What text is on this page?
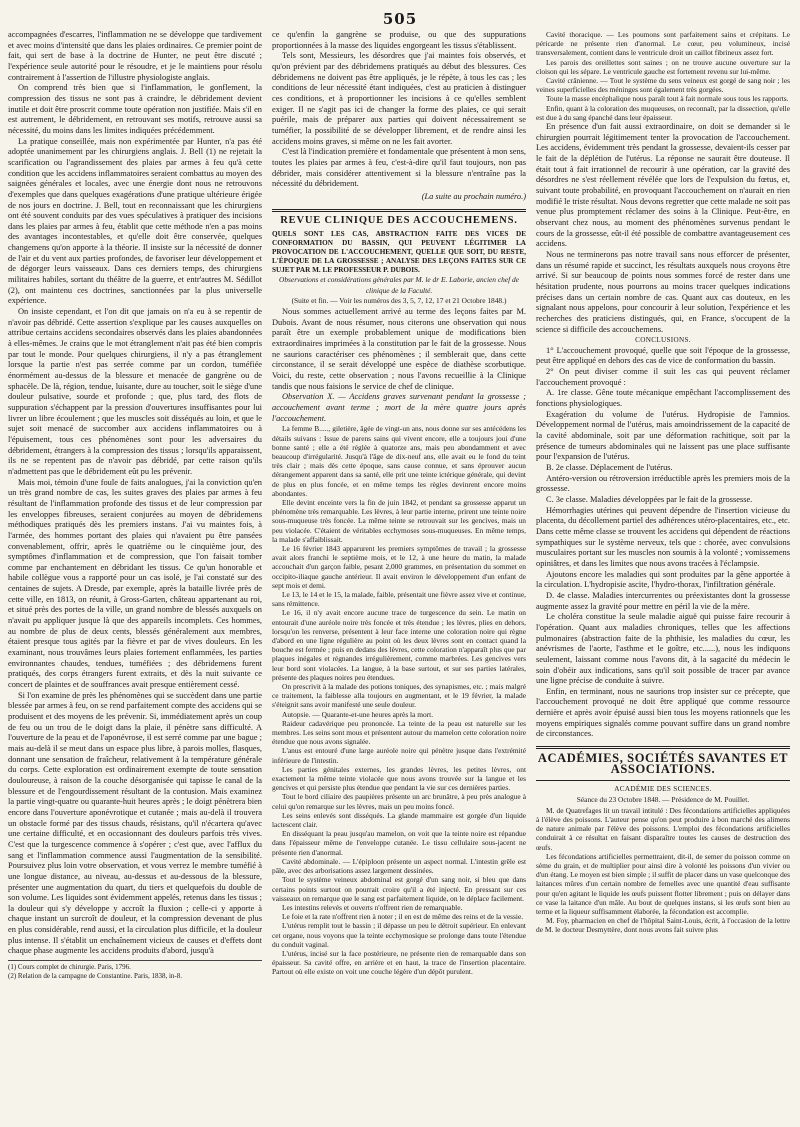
505

accompagnées d'escarres, l'inflammation ne se développe que tardivement et avec moins d'intensité que dans les plaies ordinaires. Ce premier point de fait, qui sert de base à la doctrine de Hunter, ne peut être discuté ; l'expérience seule autorité pour le résoudre, et je le maintiens pour résolu contrairement à l'assertion de l'illustre physiologiste anglais.

On comprend très bien que si l'inflammation, le gonflement, la compression des tissus ne sont pas à craindre, le débridement devient inutile et doit être proscrit comme toute opération non justifiée. Mais s'il en est autrement, le débridement, en retrouvant ses motifs, retrouve aussi sa nécessité, du moins dans les limites indiquées précédemment.

La pratique conseillée, mais non expérimentée par Hunter, n'a pas été adoptée unanimement par les chirurgiens anglais. J. Bell (1) ne rejetait la scarification ou l'agrandissement des plaies par armes à feu qu'à cette condition que les accidens inflammatoires seraient combattus au moyen des saignées générales et locales, avec une énergie dont nous ne retrouvons d'exemples que dans quelques exagérations d'une pratique ultérieure érigée de nos jours en doctrine. J. Bell, tout en reconnaissant que les chirurgiens ont été souvent conduits par des vues spéculatives à pratiquer des incisions dans les plaies par armes à feu, établit que cette méthode n'en a pas moins des avantages incontestables, et qu'elle doit être conservée, quelques changemens qu'on apporte à la théorie. Il insiste sur la nécessité de donner de l'air et du vent aux parties profondes, de favoriser leur développement et de dégorger leurs vaisseaux. Dans ces derniers temps, des chirurgiens militaires habiles, sortant du théâtre de la guerre, et entr'autres M. Sédillot (2), ont maintenu ces doctrines, sanctionnées par la plus universelle expérience.

On insiste cependant, et l'on dit que jamais on n'a eu à se repentir de n'avoir pas débridé. Cette assertion s'explique par les causes auxquelles on attribue certains accidens secondaires observés dans les plaies abandonnées à elles-mêmes. Je crains que le mot étranglement n'ait pas été bien compris par tout le monde. Pour quelques chirurgiens, il n'y a pas étranglement lorsque la partie n'est pas serrée comme par un cordon, tuméfiée énormément au-dessus de la blessure et menacée de gangrène ou de sphacèle. De là, région, tendue, luisante, dure au toucher, soit le siège d'une douleur pulsative, sourde et profonde ; que, plus tard, des flots de suppuration s'échappent par la pression d'ouvertures insuffisantes pour lui livrer un libre écoulement ; que les muscles soit disséqués au loin, et que le sujet soit menacé de succomber aux accidens inflammatoires ou à l'épuisement, tous ces phénomènes sont pour les adversaires du débridement, étrangers à la compression des tissus ; lorsqu'ils apparaissent, ils ne se repentent pas de n'avoir pas débridé, par cette raison qu'ils n'admettent pas que le débridement eût pu les prévenir.

Mais moi, témoin d'une foule de faits analogues, j'ai la conviction qu'en un très grand nombre de cas, les suites graves des plaies par armes à feu résultant de l'inflammation profonde des tissus et de leur compression par les enveloppes fibreuses, seraient conjurées au moyen de débridemens méthodiques pratiqués dès les premiers instans. J'ai vu maintes fois, à l'armée, des hommes portant des plaies qui n'avaient pu être pansées convenablement, offrir, après le quatrième ou le cinquième jour, des symptômes d'inflammation et de compression, que l'on faisait tomber comme par enchantement en débridant les tissus. Ce qu'un honorable et habile collègue vous a rapporté pour un cas isolé, je l'ai constaté sur des centaines de sujets. A Dresde, par exemple, après la bataille livrée près de cette ville, en 1813, on réunit, à Gross-Garten, château appartenant au roi, et situé près des portes de la ville, un grand nombre de blessés auxquels on n'avait pu appliquer jusque là que des appareils incomplets. Ces hommes, au nombre de plus de deux cents, blessés généralement aux membres, étaient presque tous agités par la fièvre et par de vives douleurs. En les examinant, nous trouvâmes leurs plaies fortement enflammées, les parties environnantes chaudes, tendues, tuméfiées ; des débridemens furent pratiqués, des corps étrangers furent extraits, et dès la nuit suivante ce concert de plaintes et de souffrances avait presque entièrement cessé.

Si l'on examine de près les phénomènes qui se succèdent dans une partie blessée par armes à feu, on se rend parfaitement compte des accidens qui se produisent et des moyens de les prévenir. Si, immédiatement après un coup de feu ou un trou de le doigt dans la plaie, il pénètre sans difficulté. A l'ouverture de la peau et de l'aponévrose, il est serré comme par une bague ; mais au-delà il se meut dans un espace plus libre, à parois molles, flasques, donnant une sensation de fraîcheur, relativement à la température générale du corps. Cette exploration est ordinairement exempte de toute sensation douloureuse, à raison de la couche désorganisée qui tapisse le canal de la blessure et de l'engourdissement résultant de la contusion. Mais examinez la partie vingt-quatre ou quarante-huit heures après ; le doigt pénètrera bien encore dans l'ouverture aponévrotique et cutanée ; mais au-delà il trouvera un obstacle formé par des tissus chauds, résistans, qu'il n'écartera qu'avec une certaine difficulté, et en occasionnant des douleurs parfois très vives. C'est que la turgescence commence à s'opérer ; c'est que, avec l'afflux du sang et l'inflammation commence aussi l'augmentation de la sensibilité. Poursuivez plus loin votre observation, et vous verrez le membre tuméfié à une longue distance, au niveau, au-dessus et au-dessous de la blessure, présenter une augmentation du quart, du tiers et quelquefois du double de son volume. Les liquides sont évidemment appelés, retenus dans les tissus ; la douleur qui s'y développe y accroît la fluxion ; celle-ci y apporte à chaque instant un surcroît de douleur, et la compression devenant de plus en plus considérable, rend aussi, et la circulation plus difficile, et la douleur plus intense. Il s'établit un enchaînement vicieux de causes et d'effets dont chaque phase augmente les accidens produits d'abord, jusqu'à

(1) Cours complet de chirurgie. Paris, 1796.
(2) Relation de la campagne de Constantine. Paris, 1838, in-8.

ce qu'enfin la gangrène se produise, ou que des suppurations proportionnées à la masse des liquides engorgeant les tissus s'établissent.

Tels sont, Messieurs, les désordres que j'ai maintes fois observés, et qu'on prévient par des débridemens pratiqués au début des blessures. Ces débridemens ne doivent pas être appliqués, je le répète, à tous les cas ; les conditions de leur nécessité étant indiquées, c'est au praticien à distinguer ces conditions, et à proportionner les incisions à ce qu'elles semblent exiger. Il ne s'agit pas ici de changer la forme des plaies, ce qui serait puérile, mais de préparer aux parties qui doivent nécessairement se tuméfier, la possibilité de se développer librement, et de rendre ainsi les accidens moins graves, si même on ne les fait avorter.

C'est là l'indication première et fondamentale que présentent à mon sens, toutes les plaies par armes à feu, c'est-à-dire qu'il faut toujours, non pas débrider, mais considérer attentivement si la blessure n'entraîne pas la nécessité du débridement.

(La suite au prochain numéro.)
REVUE CLINIQUE DES ACCOUCHEMENS.

QUELS SONT LES CAS, ABSTRACTION FAITE DES VICES DE CONFORMATION DU BASSIN, QUI PEUVENT LÉGITIMER LA PROVOCATION DE L'ACCOUCHEMENT, QUELLE QUE SOIT, DU RESTE, L'ÉPOQUE DE LA GROSSESSE ; ANALYSE DES LEÇONS FAITES SUR CE SUJET PAR M. LE PROFESSEUR P. DUBOIS.

Observations et considérations générales par M. le dr E. Laborie, ancien chef de clinique de la Faculté.

(Suite et fin. — Voir les numéros des 3, 5, 7, 12, 17 et 21 Octobre 1848.)

Nous sommes actuellement arrivé au terme des leçons faites par M. Dubois. Avant de nous résumer, nous citerons une observation qui nous paraît être un exemple probablement unique de modifications bien extraordinaires imprimées à la constitution par le fait de la grossesse. Nous ne saurions caractériser ces phénomènes ; il semblerait que, dans cette circonstance, il se serait développé une espèce de diathèse scorbutique. Voici, du reste, cette observation ; nous l'avons recueillie à la Clinique tandis que nous faisions le service de chef de clinique.

Observation X. — Accidens graves survenant pendant la grossesse ; accouchement avant terme ; mort de la mère quatre jours après l'accouchement.

La femme B....., giletière, âgée de vingt-un ans, nous donne sur ses antécédens les détails suivans : Issue de parens sains qui vivent encore, elle a toujours joui d'une bonne santé ; elle a été réglée à quatorze ans, mais peu abondamment et avec beaucoup d'irrégularité. Jusqu'à l'âge de dix-neuf ans, elle avait eu le fond du teint très clair ; mais dès cette époque, sans cause connue, et sans éprouver aucun dérangement apparent dans sa santé, elle prit une teinte ictérique générale, qui devint de plus en plus foncée, et en même temps les règles devinrent encore moins abondantes.

Elle devint enceinte vers la fin de juin 1842, et pendant sa grossesse apparut un phénomène très remarquable. Les lèvres, à leur partie interne, prirent une teinte noire sous-muqueuse très foncée. La même teinte se retrouvait sur les gencives, mais un peu violacée. C'étaient de véritables ecchymoses sous-muqueuses. En même temps, la malade s'affaiblissait.

Le 16 février 1843 apparurent les premiers symptômes de travail ; la grossesse avait alors franchi le septième mois, et le 12, à une heure du matin, la malade accouchait d'un garçon faible, pesant 2,000 grammes, en présentation du sommet en occipito-iliaque gauche antérieur. Il avait environ le développement d'un enfant de sept mois et demi.

Le 13, le 14 et le 15, la malade, faible, présentait une fièvre assez vive et continue, sans rémittence.

Le 16, il n'y avait encore aucune trace de turgescence du sein. Le matin on entourait d'une auréole noire très foncée et très étendue ; les lèvres, plies en dehors, lorsqu'on les renverse, présentent à leur face interne une coloration noire qui règne d'abord en une ligne régulière au point où les deux lèvres sont en contact quand la bouche est fermée ; puis en dedans des lèvres, cette coloration n'apparaît plus que par plaques inégales et régnandes irrégulièrement, comme marbrées. Les gencives vers leur bord sont violacées. La langue, à la base surtout, et sur ses parties latérales, présente des plaques noires peu étendues.

On prescrivit à la malade des potions toniques, des synapismes, etc. ; mais malgré ce traitement, la faiblesse alla toujours en augmentant, et le 19 février, la malade s'éteignit sans avoir manifesté une seule douleur.

Autopsie. — Quarante-et-une heures après la mort.

Raideur cadavérique peu prononcée. La teinte de la peau est naturelle sur les membres. Les seins sont mous et présentent autour du mamelon cette coloration noire étendue que nous avons signalée.

L'anus est entouré d'une large auréole noire qui pénètre jusque dans l'extrémité inférieure de l'intestin.

Les parties génitales externes, les grandes lèvres, les petites lèvres, ont exactement la même teinte violacée que nous avons trouvée sur la langue et les gencives et qui persiste plus étendue que pendant la vie sur ces dernières parties.

Tout le bord ciliaire des paupières présente un arc brunâtre, à peu près analogue à celui qu'on remarque sur les lèvres, mais un peu moins foncé.

Les seins enlevés sont disséqués. La glande mammaire est gorgée d'un liquide lactescent clair.

En disséquant la peau jusqu'au mamelon, on voit que la teinte noire est répandue dans l'épaisseur même de l'enveloppe cutanée. Le tissu cellulaire sous-jacent ne présente rien d'anormal.

Cavité abdominale. — L'épiploon présente un aspect normal. L'intestin grêle est pâle, avec des arborisations assez largement dessinées.

Tout le système veineux abdominal est gorgé d'un sang noir, si bleu que dans certains points surtout on pourrait croire qu'il a été injecté. En pressant sur ces vaisseaux on remarque que le sang est parfaitement liquide, on le déplace facilement.

Les intestins relevés et ouverts n'offrent rien de remarquable.

Le foie et la rate n'offrent rien à noter ; il en est de même des reins et de la vessie.

L'utérus remplit tout le bassin ; il dépasse un peu le détroit supérieur. En enlevant cet organe, nous voyons que la teinte ecchymosique se prolonge dans toute l'étendue du conduit vaginal.

L'utérus, incisé sur la face postérieure, ne présente rien de remarquable dans son épaisseur. Sa cavité offre, en arrière et en haut, la trace de l'insertion placentaire. Partout où elle existe on voit une couche légère d'un dépôt purulent.

Cavité thoracique. — Les poumons sont parfaitement sains et crépitans. Le péricarde ne présente rien d'anormal. Le cœur, peu volumineux, incisé transversalement, contient dans le ventricule droit un caillot fibrineux assez fort.

Les parois des oreillettes sont saines ; on ne trouve aucune ouverture sur la cloison qui les sépare. Le ventricule gauche est fortement revenu sur lui-même.

Cavité crânienne. — Tout le système du sens veineux est gorgé de sang noir ; les veines superficielles des méninges sont également très gorgées.

Toute la masse encéphalique nous paraît tout à fait normale sous tous les rapports.

Enfin, quant à la coloration des muqueuses, on reconnaît, par la dissection, qu'elle est due à du sang épanché dans leur épaisseur.

En présence d'un fait aussi extraordinaire, on doit se demander si le chirurgien pourrait légitimement tenter la provocation de l'accouchement. Les accidens, évidemment très pendant la grossesse, devaient-ils cesser par le fait de la déplétion de l'utérus. La réponse ne saurait être douteuse. Il était tout à fait irrationnel de recourir à une opération, car la gravité des désordres ne s'est réellement révélée que lors de l'expulsion du fœtus, et, suivant toute probabilité, en provoquant l'accouchement on n'aurait en rien modifié le triste résultat. Nous devons regretter que cette malade ne soit pas venue plus promptement réclamer des soins à la Clinique. Peut-être, en observant chez nous, au moment des phénomènes survenus pendant le cours de la grossesse, eût-il été possible de combattre avantageusement ces accidens.

Nous ne terminerons pas notre travail sans nous efforcer de présenter, dans un résumé rapide et succinct, les résultats auxquels nous croyons être arrivé. Si sur beaucoup de points nous sommes forcé de rester dans une hésitation prudente, nous pourrons au moins tracer quelques indications précises dans un certain nombre de cas. Quant aux cas douteux, en les signalant nous appelons, pour concourir à leur solution, l'expérience et les recherches des praticiens distingués, qui, en France, s'occupent de la science si difficile des accouchemens.

CONCLUSIONS.

1° L'accouchement provoqué, quelle que soit l'époque de la grossesse, peut être appliqué en dehors des cas de vice de conformation du bassin.

2° On peut diviser comme il suit les cas qui peuvent réclamer l'accouchement provoqué :

A. 1re classe. Gêne toute mécanique empêchant l'accomplissement des fonctions physiologiques.

Exagération du volume de l'utérus. Hydropisie de l'amnios. Développement normal de l'utérus, mais amoindrissement de la capacité de la cavité abdominale, soit par une déformation rachitique, soit par la présence de tumeurs abdominales qui ne laissent pas une place suffisante pour l'expansion de l'utérus.

B. 2e classe. Déplacement de l'utérus.

Antéro-version ou rétroversion irréductible après les premiers mois de la grossesse.

C. 3e classe. Maladies développées par le fait de la grossesse.

Hémorrhagies utérines qui peuvent dépendre de l'insertion vicieuse du placenta, du décollement partiel des adhérences utéro-placentaires, etc., etc. Dans cette même classe se trouvent les accidens qui dépendent de réactions sympathiques sur le système nerveux, tels que : chorée, avec convulsions musculaires portant sur les muscles non soumis à la volonté ; vomissemens opiniâtres, et dans les limites que nous avons tracées à l'éclampsie.

Ajoutons encore les maladies qui sont produites par la gêne apportée à la circulation. L'hydropisie ascite, l'hydro-thorax, l'infiltration générale.

D. 4e classe. Maladies intercurrentes ou préexistantes dont la grossesse augmente assez la gravité pour mettre en péril la vie de la mère.

Le choléra constitue la seule maladie aiguë qui puisse faire recourir à l'opération. Quant aux maladies chroniques, telles que les affections pulmonaires (abstraction faite de la phthisie, les maladies du cœur, les anévrismes de l'aorte, l'asthme et le goître, etc......), nous les indiquons seulement, laissant comme nous l'avons dit, à la sagacité du médecin le soin d'obéir aux indications, sans qu'il soit possible de tracer par avance une ligne précise de conduite à suivre.

Enfin, en terminant, nous ne saurions trop insister sur ce précepte, que l'accouchement provoqué ne doit être appliqué que comme ressource dernière et après avoir épuisé aussi bien tous les moyens rationnels que les moyens empiriques signalés comme pouvant suffire dans un grand nombre de circonstances.

ACADÉMIES, SOCIÉTÉS SAVANTES ET ASSOCIATIONS.

ACADÉMIE DES SCIENCES.

Séance du 23 Octobre 1848. — Présidence de M. Pouillet.

M. de Quatrefages lit un travail intitulé : Des fécondations artificielles appliquées à l'élève des poissons. L'auteur pense qu'on peut produire à bon marché des alimens de nature animale par l'élève des poissons. L'emploi des fécondations artificielles conduirait à ce résultat en faisant disparaître toutes les causes de destruction des œufs.

Les fécondations artificielles permettraient, dit-il, de semer du poisson comme on sème du grain, et de multiplier pour ainsi dire à volonté les poissons d'un vivier ou d'un étang. Le moyen est bien simple ; il suffit de placer dans un vase quelconque des laitances mûres d'un certain nombre de femelles avec une quantité d'eau suffisante pour qu'en agitant le liquide les œufs puissent flotter librement ; puis on délayer dans ce vase la laitance d'un mâle. Au bout de quelques instans, si les œufs sont bien au terme et la liqueur suffisamment élaborée, la fécondation est accomplie.

M. Foy, pharmacien en chef de l'hôpital Saint-Louis, écrit, à l'occasion de la lettre de M. le docteur Desmyttère, dont nous avons fait suivre plus
